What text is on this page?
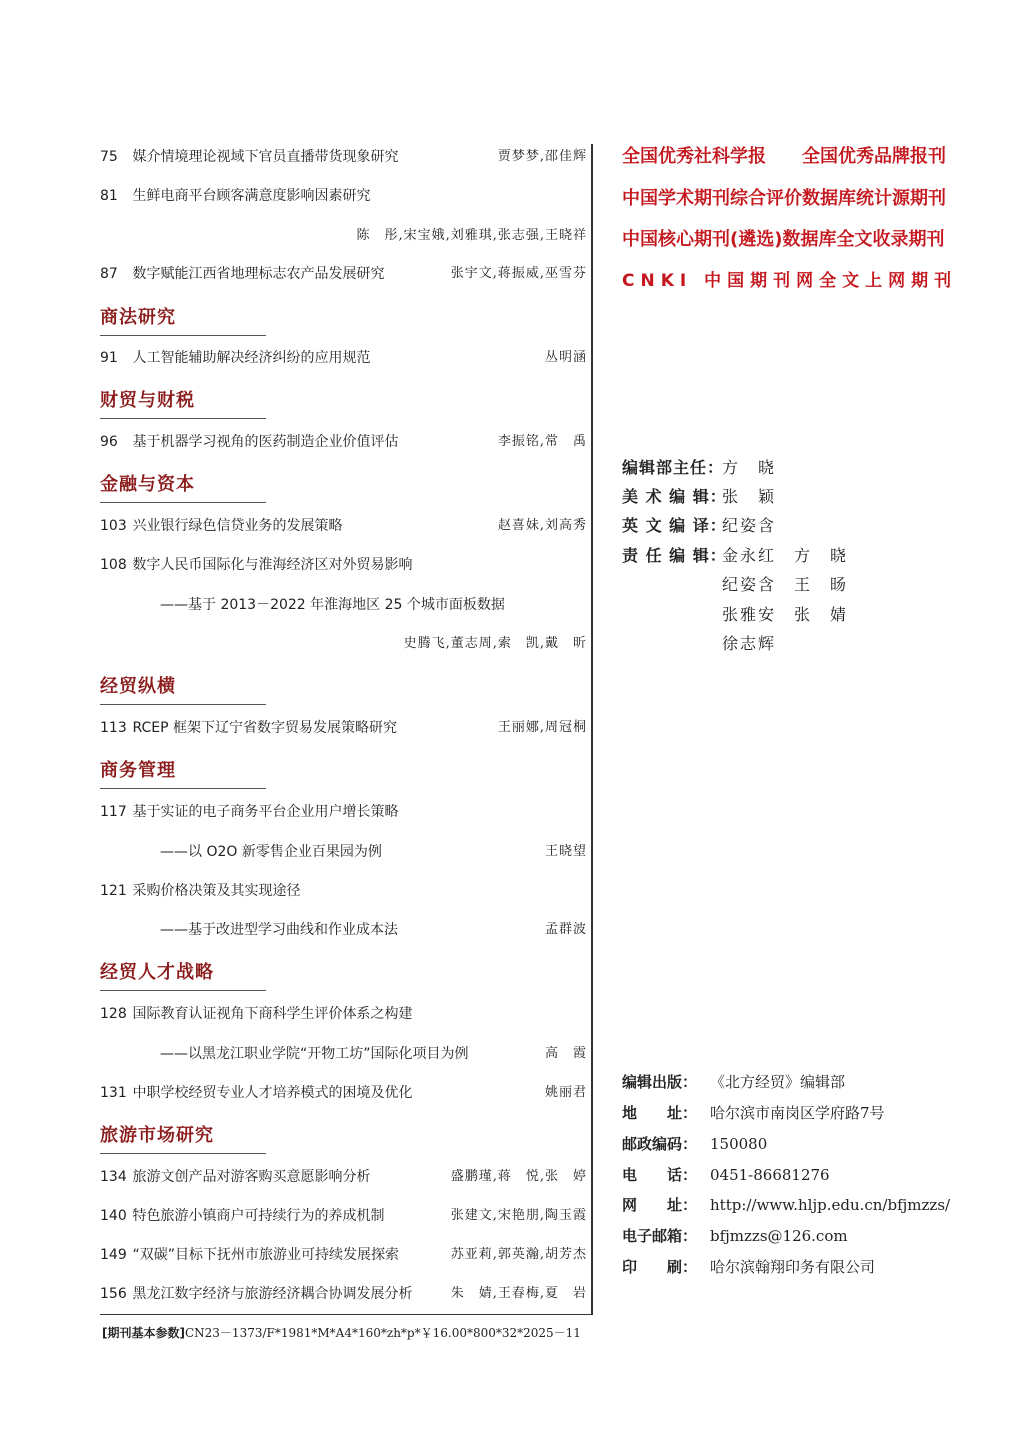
75 媒介情境理论视域下官员直播带货现象研究	贾梦梦,邵佳辉
81 生鲜电商平台顾客满意度影响因素研究
陈　彤,宋宝娥,刘雅琪,张志强,王晓祥
87 数字赋能江西省地理标志农产品发展研究	张宇文,蒋振威,巫雪芬
商法研究
91 人工智能辅助解决经济纠纷的应用规范	丛明涵
财贸与财税
96 基于机器学习视角的医药制造企业价值评估	李振铭,常　禹
金融与资本
103 兴业银行绿色信贷业务的发展策略	赵喜妹,刘高秀
108 数字人民币国际化与淮海经济区对外贸易影响
——基于 2013－2022 年淮海地区 25 个城市面板数据
史腾飞,董志周,索　凯,戴　昕
经贸纵横
113 RCEP 框架下辽宁省数字贸易发展策略研究	王丽娜,周冠桐
商务管理
117 基于实证的电子商务平台企业用户增长策略
——以 O2O 新零售企业百果园为例	王晓望
121 采购价格决策及其实现途径
——基于改进型学习曲线和作业成本法	孟群波
经贸人才战略
128 国际教育认证视角下商科学生评价体系之构建
——以黑龙江职业学院“开物工坊”国际化项目为例	高　霞
131 中职学校经贸专业人才培养模式的困境及优化	姚丽君
旅游市场研究
134 旅游文创产品对游客购买意愿影响分析	盛鹏瑾,蒋　悦,张　婷
140 特色旅游小镇商户可持续行为的养成机制	张建文,宋艳朋,陶玉霞
149 “双碳”目标下抚州市旅游业可持续发展探索	苏亚莉,郭英瀚,胡芳杰
156 黑龙江数字经济与旅游经济耦合协调发展分析	朱　婧,王春梅,夏　岩
[期刊基本参数]CN23－1373/F*1981*M*A4*160*zh*p*￥16.00*800*32*2025－11
全国优秀社科学报　　全国优秀品牌报刊
中国学术期刊综合评价数据库统计源期刊
中国核心期刊(遴选)数据库全文收录期刊
CNKI 中国期刊网全文上网期刊
编辑部主任：方　晓
美 术 编 辑：张　颖
英 文 编 译：纪姿含
责 任 编 辑：金永红　方　晓
纪姿含　王　旸
张雅安　张　婧
徐志辉
编辑出版： 《北方经贸》编辑部
地　　址： 哈尔滨市南岗区学府路7号
邮政编码： 150080
电　　话： 0451-86681276
网　　址： http://www.hljp.edu.cn/bfjmzzs/
电子邮箱： bfjmzzs@126.com
印　　刷： 哈尔滨翰翔印务有限公司
